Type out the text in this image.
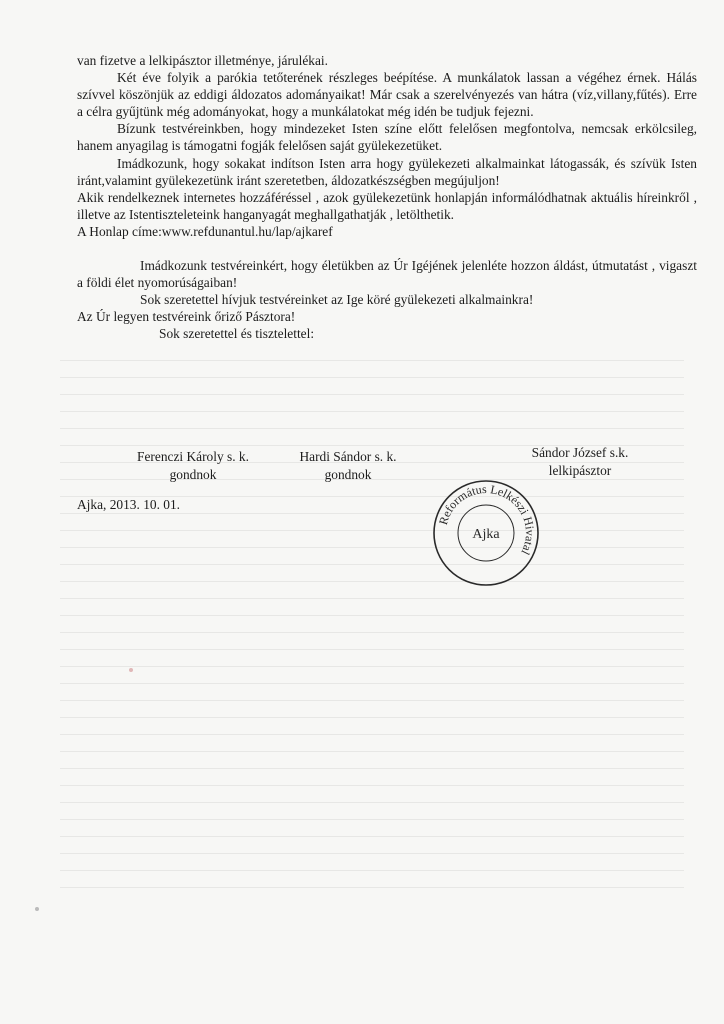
van fizetve a lelkipásztor illetménye, járulékai.

Két éve folyik a parókia tetőterének részleges beépítése. A munkálatok lassan a végéhez érnek. Hálás szívvel köszönjük az eddigi áldozatos adományaikat! Már csak a szerelvényezés van hátra (víz,villany,fűtés). Erre a célra gyűjtünk még adományokat, hogy a munkálatokat még idén be tudjuk fejezni.

Bízunk testvéreinkben, hogy mindezeket Isten színe előtt felelősen megfontolva, nemcsak erkölcsileg, hanem anyagilag is támogatni fogják felelősen saját gyülekezetüket.

Imádkozunk, hogy sokakat indítson Isten arra hogy gyülekezeti alkalmainkat látogassák, és szívük Isten iránt,valamint gyülekezetünk iránt szeretetben, áldozatkészségben megújuljon!

Akik rendelkeznek internetes hozzáféréssel , azok gyülekezetünk honlapján informálódhatnak aktuális híreinkről , illetve az Istentiszteleteink hanganyagát meghallgathatják , letölthetik.

A Honlap címe:www.refdunantul.hu/lap/ajkaref

Imádkozunk testvéreinkért, hogy életükben az Úr Igéjének jelenléte hozzon áldást, útmutatást , vigaszt a földi élet nyomorúságaiban!

Sok szeretettel hívjuk testvéreinket az Ige köré gyülekezeti alkalmainkra!

Az Úr legyen testvéreink őriző Pásztora!

Sok szeretettel és tisztelettel:

Ferenczi Károly s. k.
gondnok
Hardi Sándor s. k.
gondnok
Sándor József s.k.
lelkipásztor
Ajka, 2013. 10. 01.
Református Lelkészi Hivatal
Ajka
